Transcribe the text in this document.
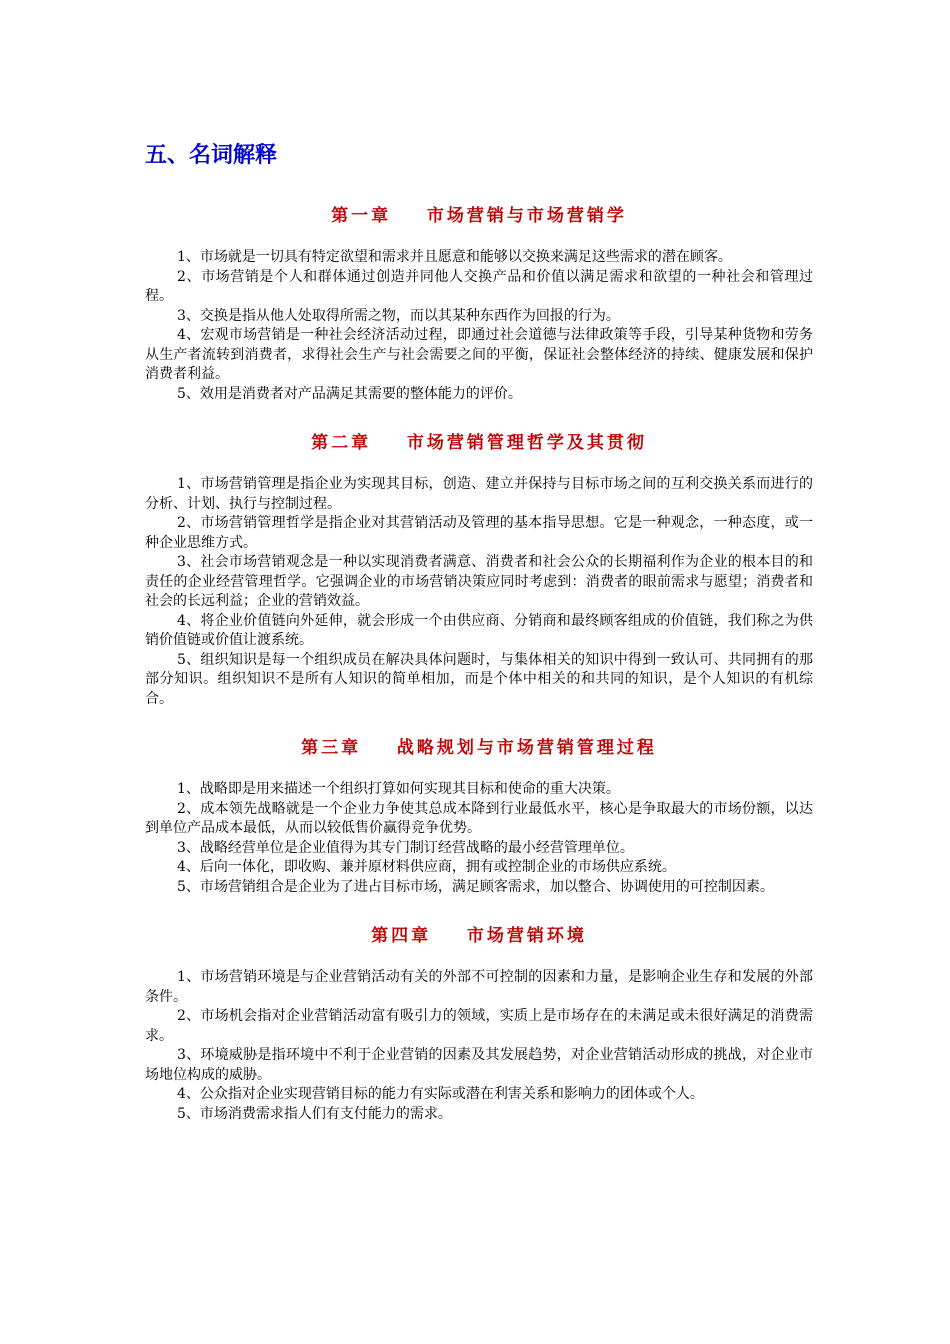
五、名词解释
第一章    市场营销与市场营销学

1、市场就是一切具有特定欲望和需求并且愿意和能够以交换来满足这些需求的潜在顾客。

2、市场营销是个人和群体通过创造并同他人交换产品和价值以满足需求和欲望的一种社会和管理过程。

3、交换是指从他人处取得所需之物，而以其某种东西作为回报的行为。

4、宏观市场营销是一种社会经济活动过程，即通过社会道德与法律政策等手段，引导某种货物和劳务从生产者流转到消费者，求得社会生产与社会需要之间的平衡，保证社会整体经济的持续、健康发展和保护消费者利益。

5、效用是消费者对产品满足其需要的整体能力的评价。

第二章    市场营销管理哲学及其贯彻

1、市场营销管理是指企业为实现其目标，创造、建立并保持与目标市场之间的互利交换关系而进行的分析、计划、执行与控制过程。

2、市场营销管理哲学是指企业对其营销活动及管理的基本指导思想。它是一种观念，一种态度，或一种企业思维方式。

3、社会市场营销观念是一种以实现消费者满意、消费者和社会公众的长期福利作为企业的根本目的和责任的企业经营管理哲学。它强调企业的市场营销决策应同时考虑到：消费者的眼前需求与愿望；消费者和社会的长远利益；企业的营销效益。

4、将企业价值链向外延伸，就会形成一个由供应商、分销商和最终顾客组成的价值链，我们称之为供销价值链或价值让渡系统。

5、组织知识是每一个组织成员在解决具体问题时，与集体相关的知识中得到一致认可、共同拥有的那部分知识。组织知识不是所有人知识的简单相加，而是个体中相关的和共同的知识，是个人知识的有机综合。

第三章    战略规划与市场营销管理过程

1、战略即是用来描述一个组织打算如何实现其目标和使命的重大决策。

2、成本领先战略就是一个企业力争使其总成本降到行业最低水平，核心是争取最大的市场份额，以达到单位产品成本最低，从而以较低售价赢得竞争优势。

3、战略经营单位是企业值得为其专门制订经营战略的最小经营管理单位。

4、后向一体化，即收购、兼并原材料供应商，拥有或控制企业的市场供应系统。

5、市场营销组合是企业为了进占目标市场，满足顾客需求，加以整合、协调使用的可控制因素。

第四章    市场营销环境

1、市场营销环境是与企业营销活动有关的外部不可控制的因素和力量，是影响企业生存和发展的外部条件。

2、市场机会指对企业营销活动富有吸引力的领域，实质上是市场存在的未满足或未很好满足的消费需求。

3、环境威胁是指环境中不利于企业营销的因素及其发展趋势，对企业营销活动形成的挑战，对企业市场地位构成的威胁。

4、公众指对企业实现营销目标的能力有实际或潜在利害关系和影响力的团体或个人。

5、市场消费需求指人们有支付能力的需求。
